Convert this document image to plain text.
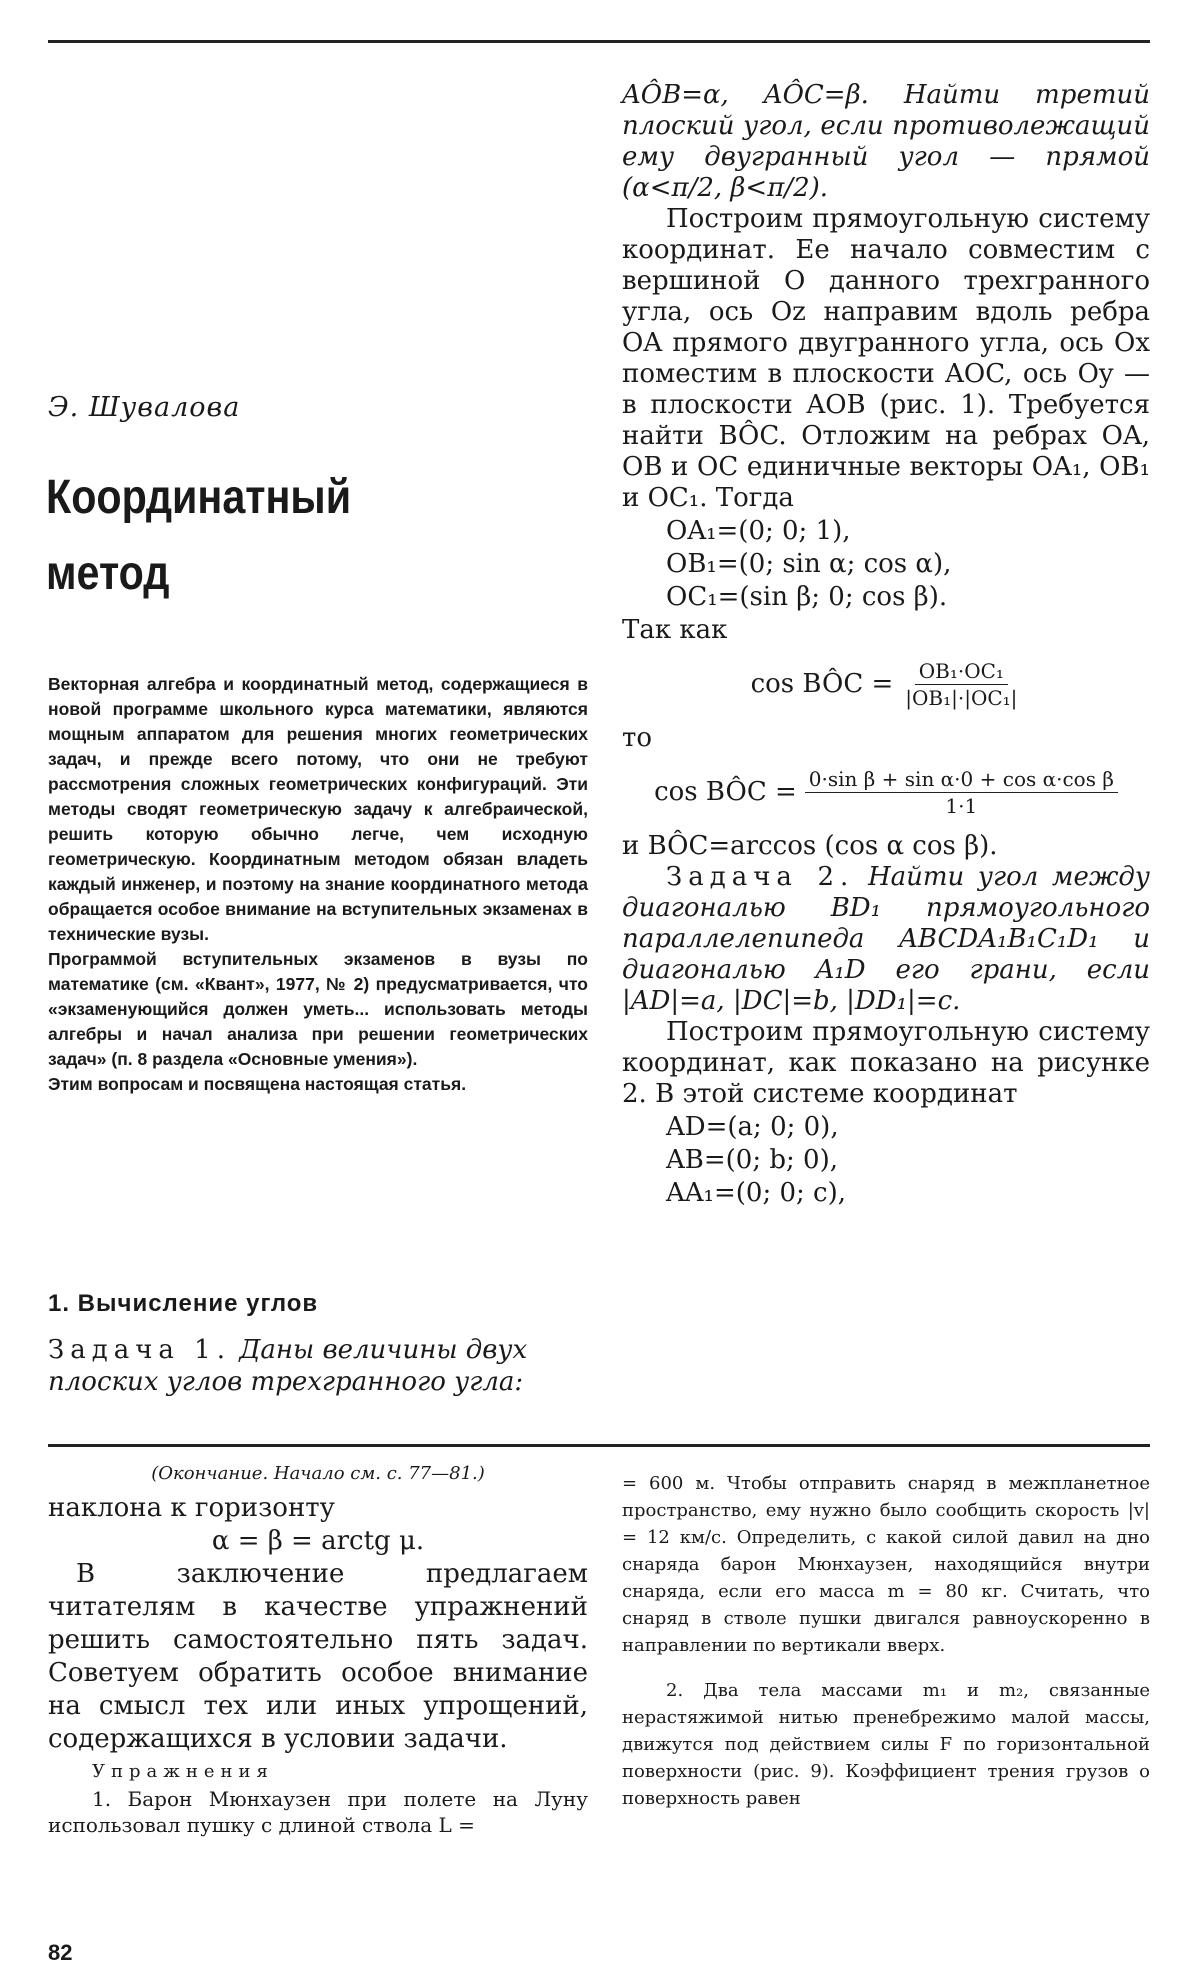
Э. Шувалова
Координатный
метод

Векторная алгебра и координатный метод, содержащиеся в новой программе школьного курса математики, являются мощным аппаратом для решения многих геометрических задач, и прежде всего потому, что они не требуют рассмотрения сложных геометрических конфигураций. Эти методы сводят геометрическую задачу к алгебраической, решить которую обычно легче, чем исходную геометрическую. Координатным методом обязан владеть каждый инженер, и поэтому на знание координатного метода обращается особое внимание на вступительных экзаменах в технические вузы.

Программой вступительных экзаменов в вузы по математике (см. «Квант», 1977, № 2) предусматривается, что «экзаменующийся должен уметь... использовать методы алгебры и начал анализа при решении геометрических задач» (п. 8 раздела «Основные умения»).

Этим вопросам и посвящена настоящая статья.

1. Вычисление углов
Задача 1. Даны величины двух плоских углов трехгранного угла:

AÔB=α, AÔC=β. Найти третий плоский угол, если противолежащий ему двугранный угол — прямой (α<π/2, β<π/2).

Построим прямоугольную систему координат. Ее начало совместим с вершиной O данного трехгранного угла, ось Oz направим вдоль ребра OA прямого двугранного угла, ось Ox поместим в плоскости AOC, ось Oy — в плоскости AOB (рис. 1). Требуется найти BÔC. Отложим на ребрах OA, OB и OC единичные векторы OA₁, OB₁ и OC₁. Тогда

OA₁=(0; 0; 1),
OB₁=(0; sin α; cos α),
OC₁=(sin β; 0; cos β).
Так как
cos BÔC = $\frac{\text{OB₁·OC₁}}{\text{|OB₁|·|OC₁|}}$
то
cos BÔC = $\frac{\text{0·sin β + sin α·0 + cos α·cos β}}{1\cdot 1}$

и BÔC=arccos (cos α cos β).

Задача 2. Найти угол между диагональю BD₁ прямоугольного параллелепипеда ABCDA₁B₁C₁D₁ и диагональю A₁D его грани, если |AD|=a, |DC|=b, |DD₁|=c.

Построим прямоугольную систему координат, как показано на рисунке 2. В этой системе координат

AD=(a; 0; 0),
AB=(0; b; 0),
AA₁=(0; 0; c),
(Окончание. Начало см. с. 77—81.)
наклона к горизонту
α = β = arctg μ.

В заключение предлагаем читателям в качестве упражнений решить самостоятельно пять задач. Советуем обратить особое внимание на смысл тех или иных упрощений, содержащихся в условии задачи.

Упражнения

1. Барон Мюнхаузен при полете на Луну использовал пушку с длиной ствола L =

= 600 м. Чтобы отправить снаряд в межпланетное пространство, ему нужно было сообщить скорость |v| = 12 км/с. Определить, с какой силой давил на дно снаряда барон Мюнхаузен, находящийся внутри снаряда, если его масса m = 80 кг. Считать, что снаряд в стволе пушки двигался равноускоренно в направлении по вертикали вверх.

2. Два тела массами m₁ и m₂, связанные нерастяжимой нитью пренебрежимо малой массы, движутся под действием силы F по горизонтальной поверхности (рис. 9). Коэффициент трения грузов о поверхность равен

82
